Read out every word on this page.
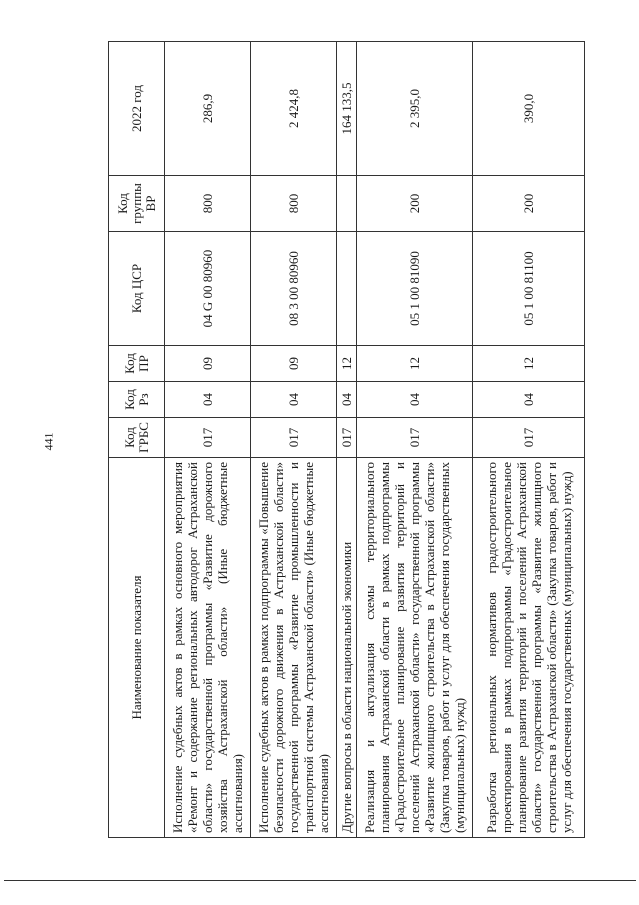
441
Наименование показателя	Код ГРБС	Код Рз	Код ПР	Код ЦСР	Код группы ВР	2022 год
Исполнение судебных актов в рамках основного мероприятия «Ремонт и содержание региональных автодорог Астраханской области» государственной программы «Развитие дорожного хозяйства Астраханской области» (Иные бюджетные ассигнования)	017	04	09	04 G 00 80960	800	286,9
Исполнение судебных актов в рамках подпрограммы «Повышение безопасности дорожного движения в Астраханской области» государственной программы «Развитие промышленности и транспортной системы Астраханской области» (Иные бюджетные ассигнования)	017	04	09	08 3 00 80960	800	2 424,8
Другие вопросы в области национальной экономики	017	04	12			164 133,5
Реализация и актуализация схемы территориального планирования Астраханской области в рамках подпрограммы «Градостроительное планирование развития территорий и поселений Астраханской области» государственной программы «Развитие жилищного строительства в Астраханской области» (Закупка товаров, работ и услуг для обеспечения государственных (муниципальных) нужд)	017	04	12	05 1 00 81090	200	2 395,0
Разработка региональных нормативов градостроительного проектирования в рамках подпрограммы «Градостроительное планирование развития территорий и поселений Астраханской области» государственной программы «Развитие жилищного строительства в Астраханской области» (Закупка товаров, работ и услуг для обеспечения государственных (муниципальных) нужд)	017	04	12	05 1 00 81100	200	390,0
